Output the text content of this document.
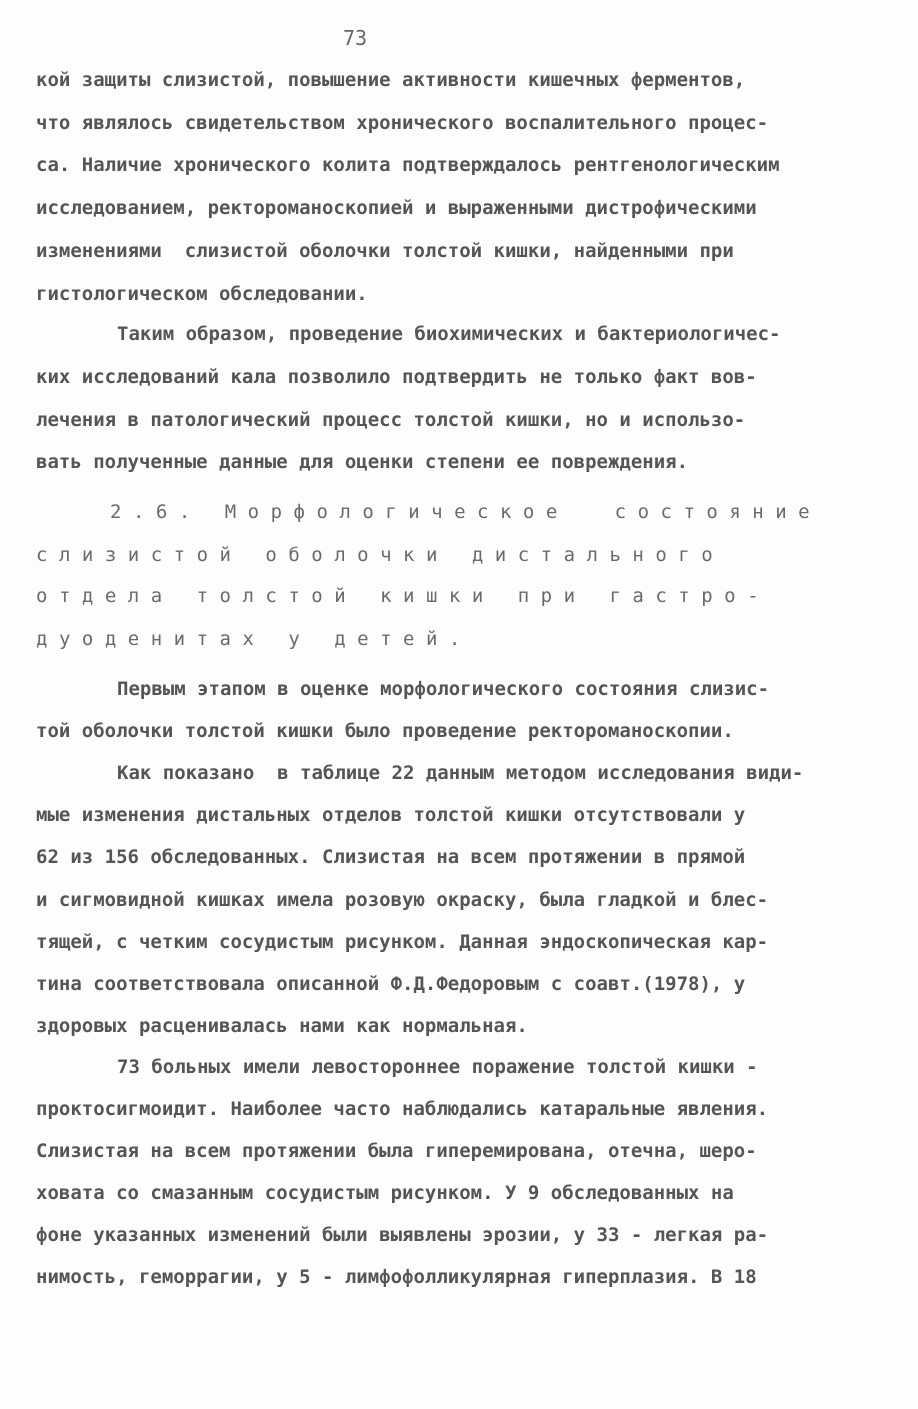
73
кой защиты слизистой, повышение активности кишечных ферментов,
что являлось свидетельством хронического воспалительного процес-
са. Наличие хронического колита подтверждалось рентгенологическим
исследованием, ректороманоскопией и выраженными дистрофическими
изменениями  слизистой оболочки толстой кишки, найденными при
гистологическом обследовании.
Таким образом, проведение биохимических и бактериологичес-
ких исследований кала позволило подтвердить не только факт вов-
лечения в патологический процесс толстой кишки, но и использо-
вать полученные данные для оценки степени ее повреждения.
2.6. Морфологическое  состояние
слизистой оболочки дистального
отдела толстой кишки при гастро-
дуоденитах у детей.
Первым этапом в оценке морфологического состояния слизис-
той оболочки толстой кишки было проведение ректороманоскопии.
Как показано  в таблице 22 данным методом исследования види-
мые изменения дистальных отделов толстой кишки отсутствовали у
62 из 156 обследованных. Слизистая на всем протяжении в прямой
и сигмовидной кишках имела розовую окраску, была гладкой и блес-
тящей, с четким сосудистым рисунком. Данная эндоскопическая кар-
тина соответствовала описанной Ф.Д.Федоровым с соавт.(1978), у
здоровых расценивалась нами как нормальная.
73 больных имели левостороннее поражение толстой кишки -
проктосигмоидит. Наиболее часто наблюдались катаральные явления.
Слизистая на всем протяжении была гиперемирована, отечна, шеро-
ховата со смазанным сосудистым рисунком. У 9 обследованных на
фоне указанных изменений были выявлены эрозии, у 33 - легкая ра-
нимость, геморрагии, у 5 - лимфофолликулярная гиперплазия. В 18
